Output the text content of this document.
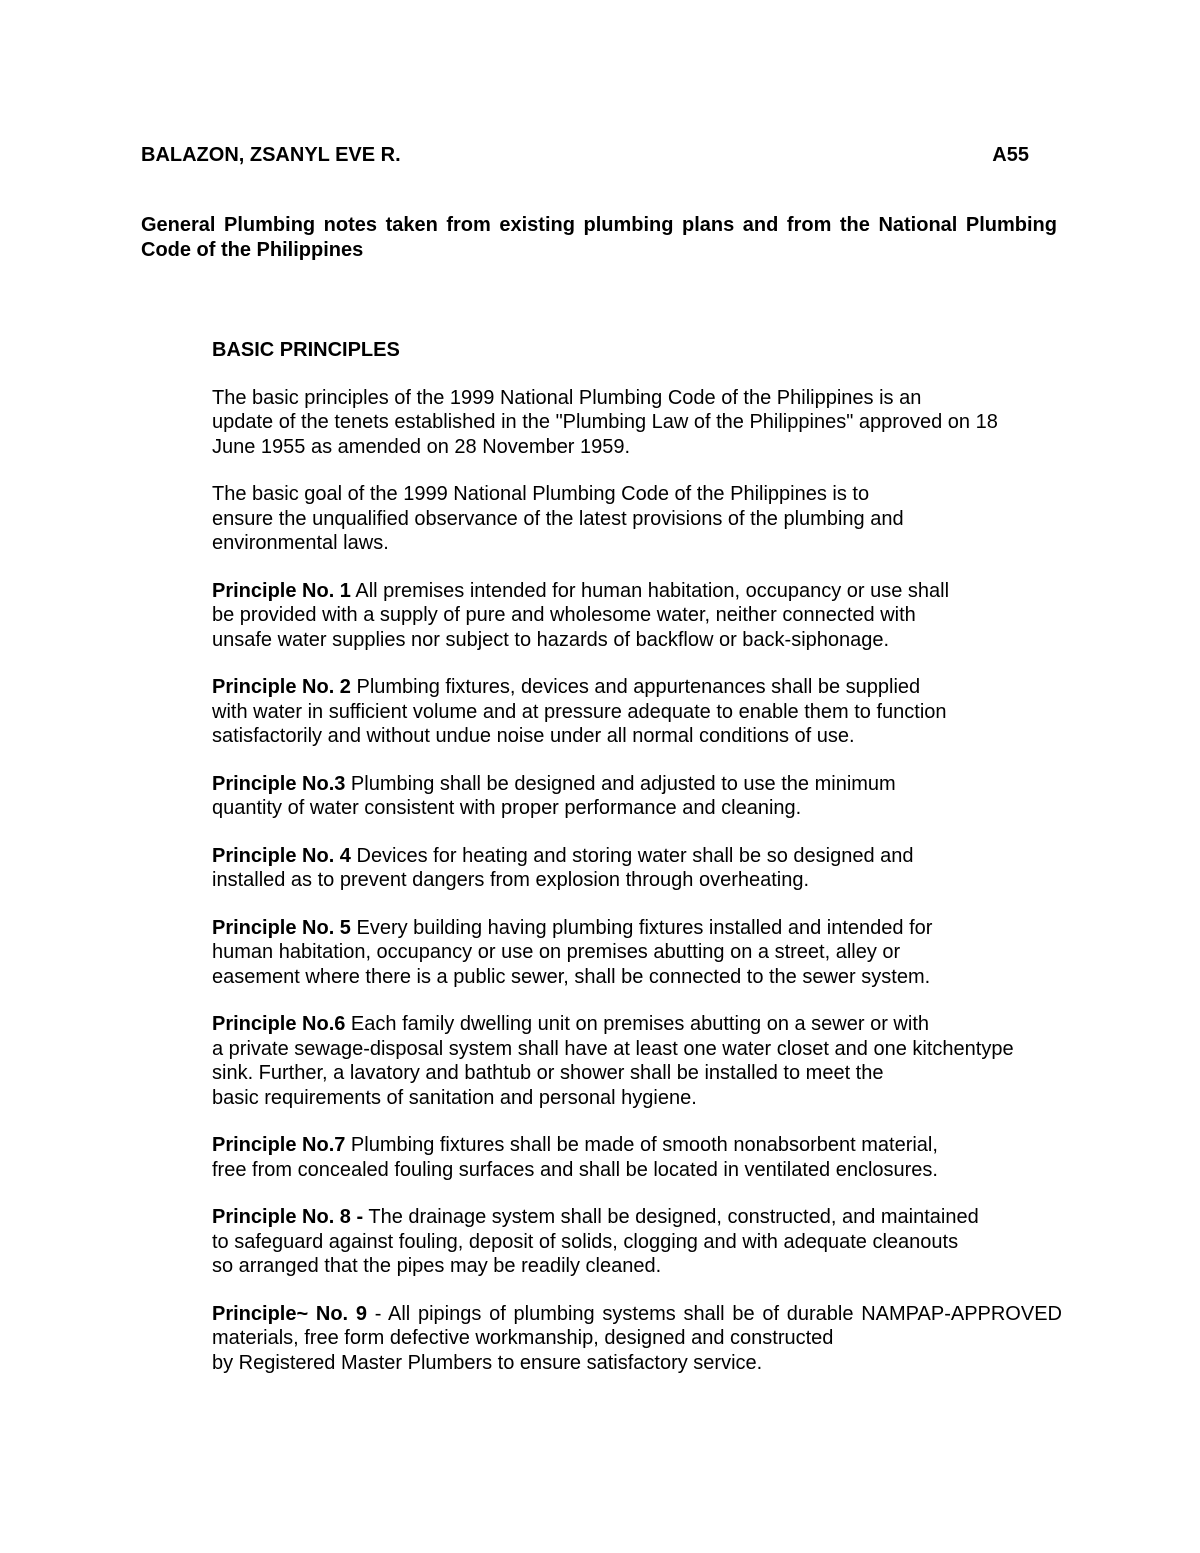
BALAZON, ZSANYL EVE R.	A55
General Plumbing notes taken from existing plumbing plans and from the National Plumbing Code of the Philippines
BASIC PRINCIPLES
The basic principles of the 1999 National Plumbing Code of the Philippines is an
update of the tenets established in the "Plumbing Law of the Philippines" approved on 18
June 1955 as amended on 28 November 1959.
The basic goal of the 1999 National Plumbing Code of the Philippines is to
ensure the unqualified observance of the latest provisions of the plumbing and
environmental laws.
Principle No. 1 All premises intended for human habitation, occupancy or use shall
be provided with a supply of pure and wholesome water, neither connected with
unsafe water supplies nor subject to hazards of backflow or back-siphonage.
Principle No. 2 Plumbing fixtures, devices and appurtenances shall be supplied
with water in sufficient volume and at pressure adequate to enable them to function
satisfactorily and without undue noise under all normal conditions of use.
Principle No.3 Plumbing shall be designed and adjusted to use the minimum
quantity of water consistent with proper performance and cleaning.
Principle No. 4 Devices for heating and storing water shall be so designed and
installed as to prevent dangers from explosion through overheating.
Principle No. 5 Every building having plumbing fixtures installed and intended for
human habitation, occupancy or use on premises abutting on a street, alley or
easement where there is a public sewer, shall be connected to the sewer system.
Principle No.6 Each family dwelling unit on premises abutting on a sewer or with
a private sewage-disposal system shall have at least one water closet and one kitchentype
sink. Further, a lavatory and bathtub or shower shall be installed to meet the
basic requirements of sanitation and personal hygiene.
Principle No.7 Plumbing fixtures shall be made of smooth nonabsorbent material,
free from concealed fouling surfaces and shall be located in ventilated enclosures.
Principle No. 8 - The drainage system shall be designed, constructed, and maintained
to safeguard against fouling, deposit of solids, clogging and with adequate cleanouts
so arranged that the pipes may be readily cleaned.
Principle~ No. 9 - All pipings of plumbing systems shall be of durable NAMPAP-APPROVED materials, free form defective workmanship, designed and constructed
by Registered Master Plumbers to ensure satisfactory service.
